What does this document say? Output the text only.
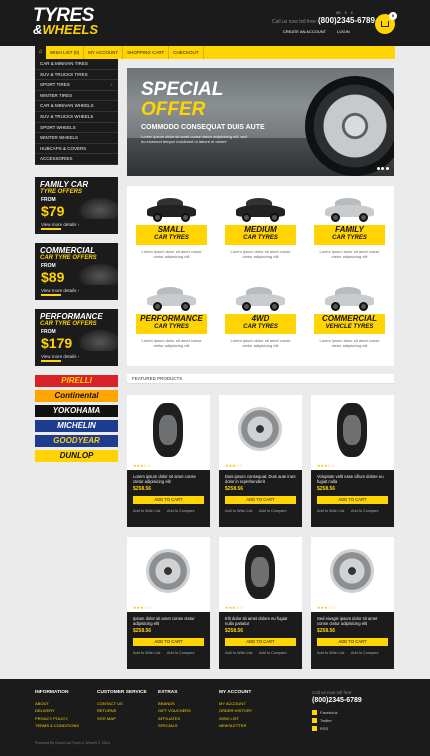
TYRES
&WHEELS
$$ € £
Call us now toll free: (800)2345-6789
CREATE AN ACCOUNT	LOGIN
0
⌂ WISH LIST (0) MY ACCOUNT SHOPPING CART CHECKOUT
CAR & MINIVAN TIRES
SUV & TRUCKS TIRES
SPORT TIRES	›
WINTER TIRES
CAR & MINIVAN WHEELS
SUV & TRUCKS WHEELS
SPORT WHEELS
WINTER WHEELS
HUBCAPS & COVERS
ACCESSORIES
FAMILY CAR
TYRE OFFERS
FROM
$79
View more details ›
COMMERCIAL
CAR TYRE OFFERS
FROM
$89
View more details ›
PERFORMANCE
CAR TYRE OFFERS
FROM
$179
View more details ›
PIRELLI
Continental
YOKOHAMA
MICHELIN
GOODYEAR
DUNLOP
SPECIAL
OFFER
COMMODO CONSEQUAT DUIS AUTE
Lorem ipsum dolor sit amet conse ctetur adipisicing elit, sed do eiusmod tempor incididunt ut labore et dolore
SMALL
CAR TYRES
Lorem ipsum dolor sit amet conse ctetur adipisicing elit
MEDIUM
CAR TYRES
Lorem ipsum dolor sit amet conse ctetur adipisicing elit
FAMILY
CAR TYRES
Lorem ipsum dolor sit amet conse ctetur adipisicing elit
PERFORMANCE
CAR TYRES
Lorem ipsum dolor sit amet conse ctetur adipisicing elit
4WD
CAR TYRES
Lorem ipsum dolor sit amet conse ctetur adipisicing elit
COMMERCIAL
VEHICLE TYRES
Lorem ipsum dolor sit amet conse ctetur adipisicing elit
FEATURED PRODUCTS
★★★☆☆
Lorem ipsum dolor sit amet conse ctetur adipisicing elit
$258.56
ADD TO CART
Add to Wish List Add to Compare
★★★☆☆
Duis ipsum consequat. Duis aute irure dolor in reprehenderit
$258.56
ADD TO CART
Add to Wish List Add to Compare
★★★☆☆
Voluptate velit esse cillum dolore eu fugiat nulla
$258.56
ADD TO CART
Add to Wish List Add to Compare
★★★☆☆
Ipsum dolor sit amet conse ctetur adipisicing elit
$258.56
ADD TO CART
Add to Wish List Add to Compare
★★★☆☆
Elit dolor sit amet dolore eu fugiat nulla pariatur
$258.56
ADD TO CART
Add to Wish List Add to Compare
★★★☆☆
Sed eiusgis ipsum dolor sit amet conse ctetur adipisicing elit
$258.56
ADD TO CART
Add to Wish List Add to Compare
INFORMATION
ABOUT
DELIVERY
PRIVACY POLICY
TERMS & CONDITIONS
CUSTOMER SERVICE
CONTACT US
RETURNS
SITE MAP
EXTRAS
BRANDS
GIFT VOUCHERS
AFFILIATES
SPECIALS
MY ACCOUNT
MY ACCOUNT
ORDER HISTORY
WISH LIST
NEWSLETTER
Call us now toll free:
(800)2345-6789
Facebook
Twitter
RSS
Powered By OpenCart Tyres & Wheels © 2014
